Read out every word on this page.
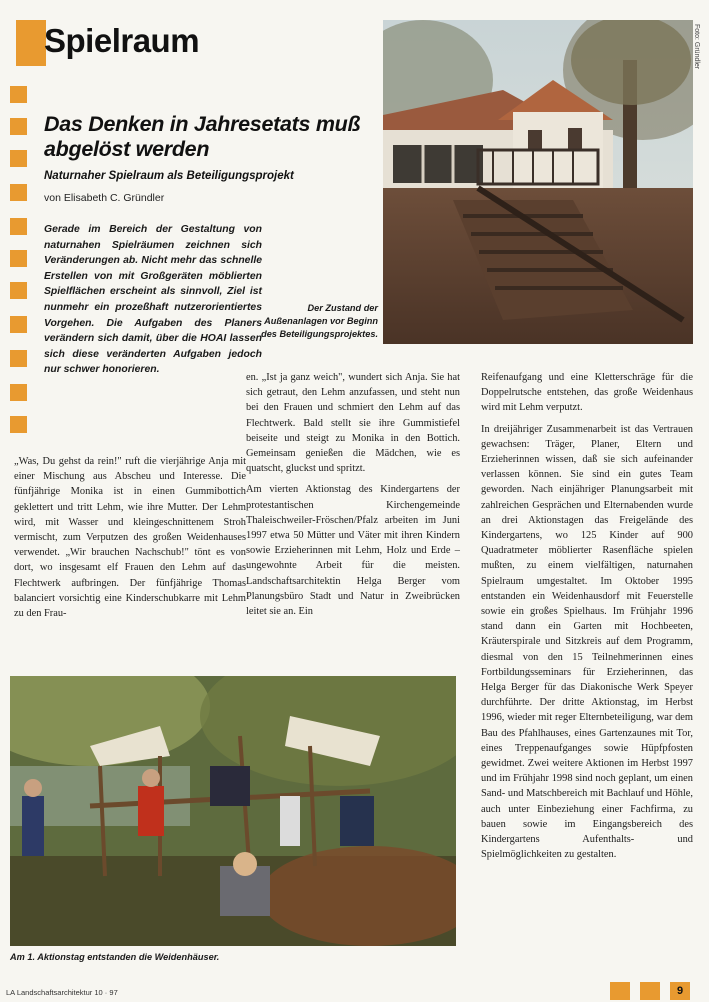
Spielraum
Das Denken in Jahresetats muß abgelöst werden
Naturnaher Spielraum als Beteiligungsprojekt
von Elisabeth C. Gründler
Gerade im Bereich der Gestaltung von naturnahen Spielräumen zeichnen sich Veränderungen ab. Nicht mehr das schnelle Erstellen von mit Großgeräten möblierten Spielflächen erscheint als sinnvoll, Ziel ist nunmehr ein prozeßhaft nutzerorientiertes Vorgehen. Die Aufgaben des Planers verändern sich damit, über die HOAI lassen sich diese veränderten Aufgaben jedoch nur schwer honorieren.
Foto: Gründler
Der Zustand der Außenanlagen vor Beginn des Beteiligungsprojektes.

„Was, Du gehst da rein!" ruft die vierjährige Anja mit einer Mischung aus Abscheu und Interesse. Die fünfjährige Monika ist in einen Gummibottich geklettert und tritt Lehm, wie ihre Mutter. Der Lehm wird, mit Wasser und kleingeschnittenem Stroh vermischt, zum Verputzen des großen Weidenhauses verwendet. „Wir brauchen Nachschub!" tönt es von dort, wo insgesamt elf Frauen den Lehm auf das Flechtwerk aufbringen. Der fünfjährige Thomas balanciert vorsichtig eine Kinderschubkarre mit Lehm zu den Frau-

en. „Ist ja ganz weich", wundert sich Anja. Sie hat sich getraut, den Lehm anzufassen, und steht nun bei den Frauen und schmiert den Lehm auf das Flechtwerk. Bald stellt sie ihre Gummistiefel beiseite und steigt zu Monika in den Bottich. Gemeinsam genießen die Mädchen, wie es quatscht, gluckst und spritzt.

Am vierten Aktionstag des Kindergartens der protestantischen Kirchengemeinde Thaleischweiler-Fröschen/Pfalz arbeiten im Juni 1997 etwa 50 Mütter und Väter mit ihren Kindern sowie Erzieherinnen mit Lehm, Holz und Erde – ungewohnte Arbeit für die meisten. Landschaftsarchitektin Helga Berger vom Planungsbüro Stadt und Natur in Zweibrücken leitet sie an. Ein

Reifenaufgang und eine Kletterschräge für die Doppelrutsche entstehen, das große Weidenhaus wird mit Lehm verputzt.

In dreijähriger Zusammenarbeit ist das Vertrauen gewachsen: Träger, Planer, Eltern und Erzieherinnen wissen, daß sie sich aufeinander verlassen können. Sie sind ein gutes Team geworden. Nach einjähriger Planungsarbeit mit zahlreichen Gesprächen und Elternabenden wurde an drei Aktionstagen das Freigelände des Kindergartens, wo 125 Kinder auf 900 Quadratmeter möblierter Rasenfläche spielen mußten, zu einem vielfältigen, naturnahen Spielraum umgestaltet. Im Oktober 1995 entstanden ein Weidenhausdorf mit Feuerstelle sowie ein großes Spielhaus. Im Frühjahr 1996 stand dann ein Garten mit Hochbeeten, Kräuterspirale und Sitzkreis auf dem Programm, diesmal von den 15 Teilnehmerinnen eines Fortbildungsseminars für Erzieherinnen, das Helga Berger für das Diakonische Werk Speyer durchführte. Der dritte Aktionstag, im Herbst 1996, wieder mit reger Elternbeteiligung, war dem Bau des Pfahlhauses, eines Gartenzaunes mit Tor, eines Treppenaufganges sowie Hüpfpfosten gewidmet. Zwei weitere Aktionen im Herbst 1997 und im Frühjahr 1998 sind noch geplant, um einen Sand- und Matschbereich mit Bachlauf und Höhle, auch unter Einbeziehung einer Fachfirma, zu bauen sowie im Eingangsbereich des Kindergartens Aufenthalts- und Spielmöglichkeiten zu gestalten.

Am 1. Aktionstag entstanden die Weidenhäuser.
LA Landschaftsarchitektur 10 · 97	9
